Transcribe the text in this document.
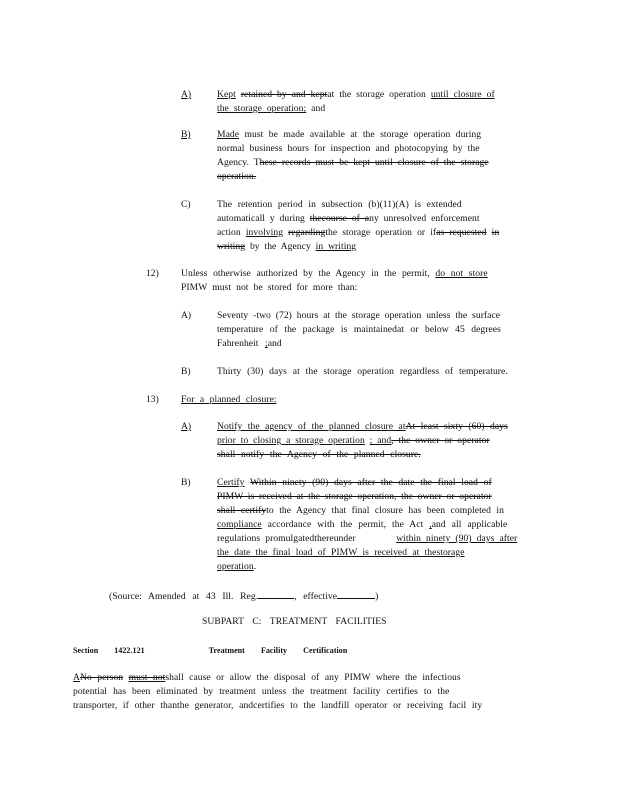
A)	Kept retained by and keptat the storage operation until closure of
the storage operation; and
B)	Made must be made available at the storage operation during
normal business hours for inspection and photocopying by the
Agency. These records must be kept until closure of the storage
operation.
C)	The retention period in subsection (b)(11)(A) is extended
automaticall y during thecourse of any unresolved enforcement
action involving regardingthe storage operation or ifas requested in
writing by the Agency in writing
12) Unless otherwise authorized by the Agency in the permit, do not store
PIMW must not be stored for more than:
A)	Seventy -two (72) hours at the storage operation unless the surface
temperature of the package is maintainedat or below 45 degrees
Fahrenheit ;and
B)	Thirty (30) days at the storage operation regardless of temperature.
13) For a planned closure:
A)	Notify the agency of the planned closure atAt least sixty (60) days
prior to closing a storage operation ; and, the owner or operator
shall notify the Agency of the planned closure.
B)	Certify Within ninety (90) days after the date the final load of
PIMW is received at the storage operation, the owner or operator
shall certifyto the Agency that final closure has been completed in
compliance accordance with the permit, the Act ,and all applicable
regulations promulgatedthereunder	within ninety (90) days after
the date the final load of PIMW is received at thestorage
operation.
(Source: Amended at 43 Ill. Reg.	, effective	)
SUBPART C: TREATMENT FACILITIES
Section 1422.121	Treatment Facility Certification
ANo person must notshall cause or allow the disposal of any PIMW where the infectious
potential has been eliminated by treatment unless the treatment facility certifies to the
transporter, if other thanthe generator, andcertifies to the landfill operator or receiving facil ity
